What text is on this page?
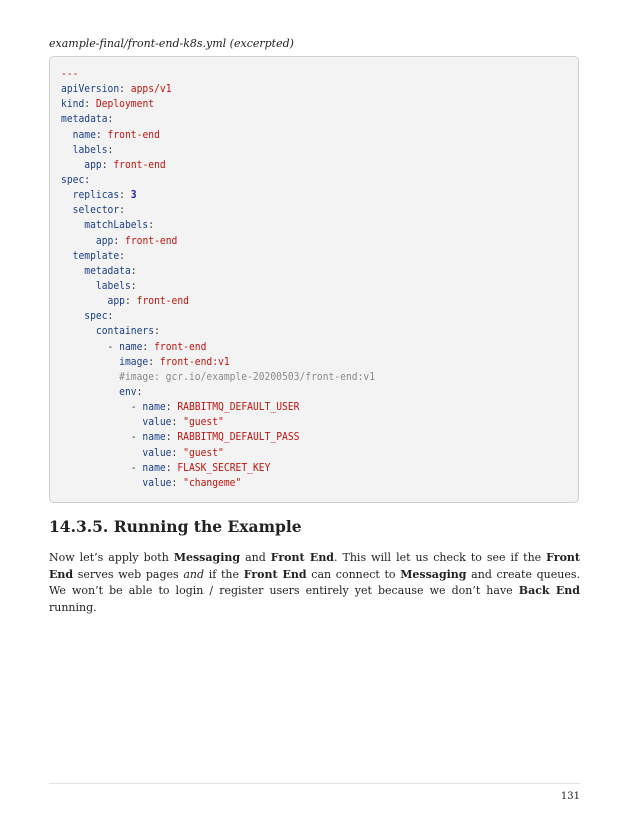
example-final/front-end-k8s.yml (excerpted)
---
apiVersion: apps/v1
kind: Deployment
metadata:
name: front-end
labels:
app: front-end
spec:
replicas: 3
selector:
matchLabels:
app: front-end
template:
metadata:
labels:
app: front-end
spec:
containers:
- name: front-end
image: front-end:v1
#image: gcr.io/example-20200503/front-end:v1
env:
- name: RABBITMQ_DEFAULT_USER
value: "guest"
- name: RABBITMQ_DEFAULT_PASS
value: "guest"
- name: FLASK_SECRET_KEY
value: "changeme"
14.3.5. Running the Example

Now let’s apply both Messaging and Front End. This will let us check to see if the Front End serves web pages and if the Front End can connect to Messaging and create queues. We won’t be able to login / register users entirely yet because we don’t have Back End running.

131
